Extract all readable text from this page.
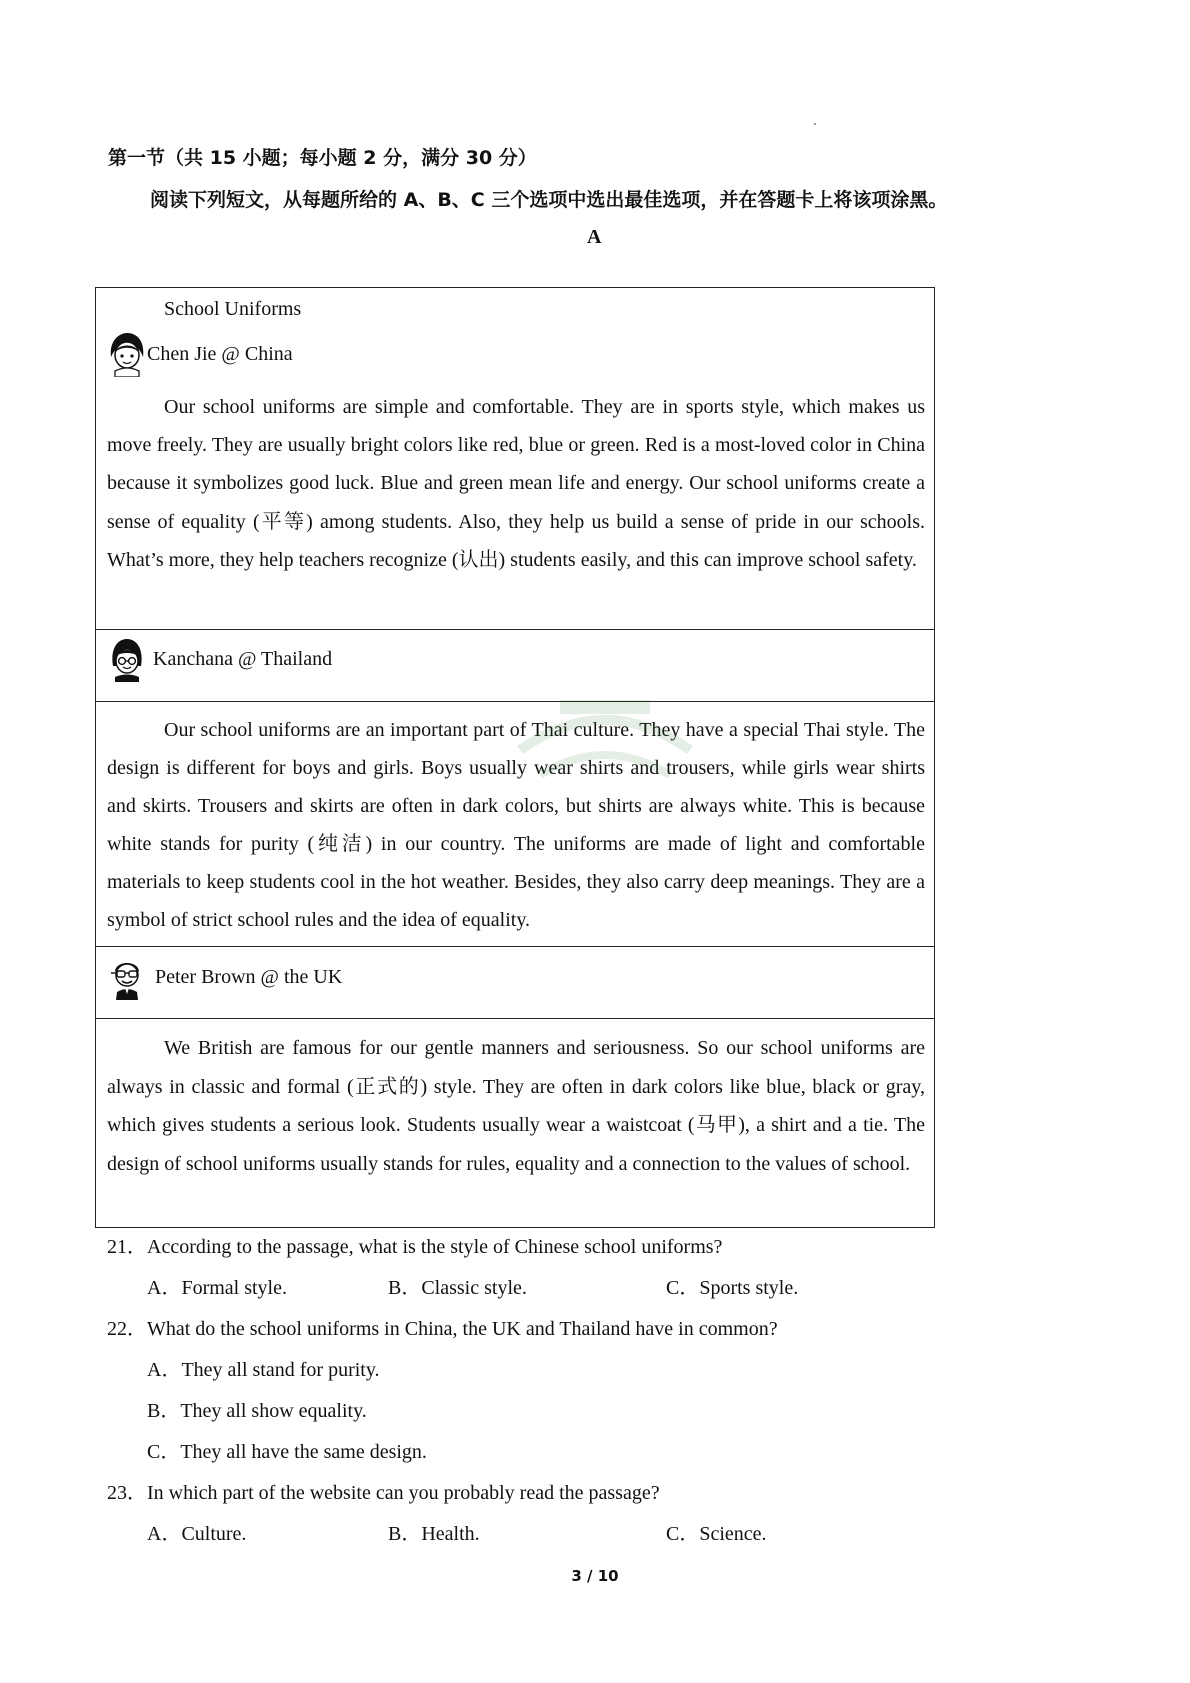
第一节（共 15 小题；每小题 2 分，满分 30 分）
阅读下列短文，从每题所给的 A、B、C 三个选项中选出最佳选项，并在答题卡上将该项涂黑。
A
School Uniforms
Chen Jie @ China

Our school uniforms are simple and comfortable. They are in sports style, which makes us move freely. They are usually bright colors like red, blue or green. Red is a most-loved color in China because it symbolizes good luck. Blue and green mean life and energy. Our school uniforms create a sense of equality (平等) among students. Also, they help us build a sense of pride in our schools. What’s more, they help teachers recognize (认出) students easily, and this can improve school safety.

Kanchana @ Thailand

Our school uniforms are an important part of Thai culture. They have a special Thai style. The design is different for boys and girls. Boys usually wear shirts and trousers, while girls wear shirts and skirts. Trousers and skirts are often in dark colors, but shirts are always white. This is because white stands for purity (纯洁) in our country. The uniforms are made of light and comfortable materials to keep students cool in the hot weather. Besides, they also carry deep meanings. They are a symbol of strict school rules and the idea of equality.

Peter Brown @ the UK

We British are famous for our gentle manners and seriousness. So our school uniforms are always in classic and formal (正式的) style. They are often in dark colors like blue, black or gray, which gives students a serious look. Students usually wear a waistcoat (马甲), a shirt and a tie. The design of school uniforms usually stands for rules, equality and a connection to the values of school.

21．According to the passage, what is the style of Chinese school uniforms?
A．Formal style.	B．Classic style.	C．Sports style.
22．What do the school uniforms in China, the UK and Thailand have in common?
A．They all stand for purity.
B．They all show equality.
C．They all have the same design.
23．In which part of the website can you probably read the passage?
A．Culture.	B．Health.	C．Science.
3 / 10
